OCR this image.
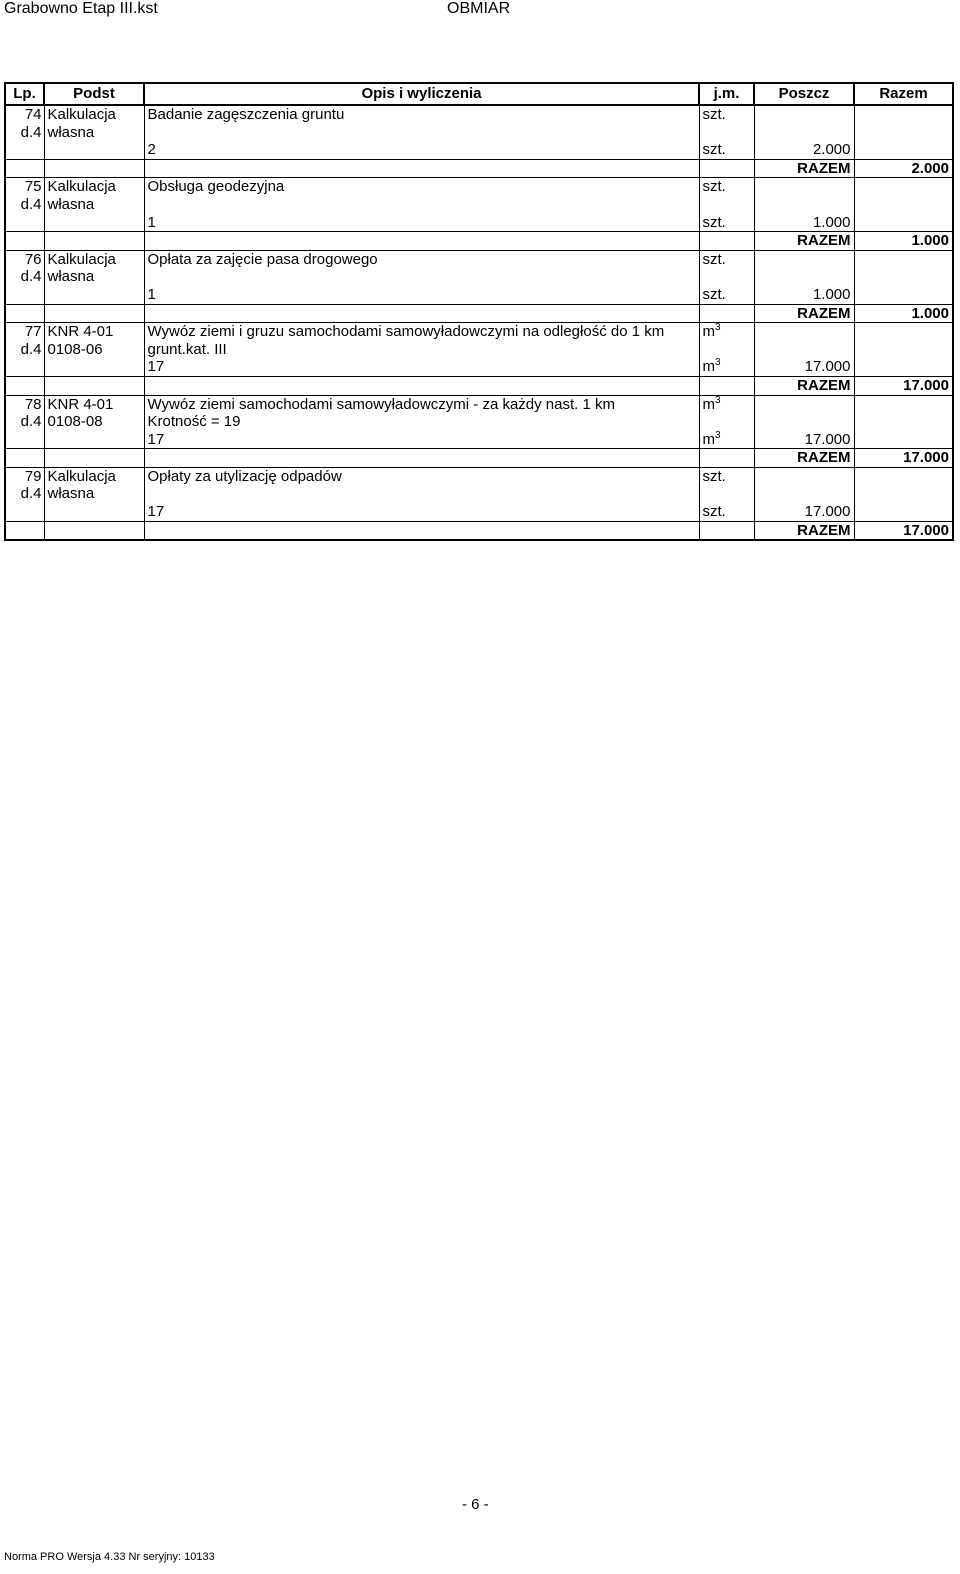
Grabowno Etap III.kst	OBMIAR
Lp.	Podst	Opis i wyliczenia	j.m.	Poszcz	Razem
74	Kalkulacja	Badanie zagęszczenia gruntu	szt.		
d.4	własna				
		2	szt.	2.000	
				RAZEM	2.000
75	Kalkulacja	Obsługa geodezyjna	szt.		
d.4	własna				
		1	szt.	1.000	
				RAZEM	1.000
76	Kalkulacja	Opłata za zajęcie pasa drogowego	szt.		
d.4	własna				
		1	szt.	1.000	
				RAZEM	1.000
77	KNR 4-01	Wywóz ziemi i gruzu samochodami samowyładowczymi na odległość do 1 km	$m^3$		
d.4	0108-06	grunt.kat. III			
		17	$m^3$	17.000	
				RAZEM	17.000
78	KNR 4-01	Wywóz ziemi samochodami samowyładowczymi - za każdy nast. 1 km	$m^3$		
d.4	0108-08	Krotność = 19			
		17	$m^3$	17.000	
				RAZEM	17.000
79	Kalkulacja	Opłaty za utylizację odpadów	szt.		
d.4	własna				
		17	szt.	17.000	
				RAZEM	17.000
- 6 -
Norma PRO Wersja 4.33 Nr seryjny: 10133
